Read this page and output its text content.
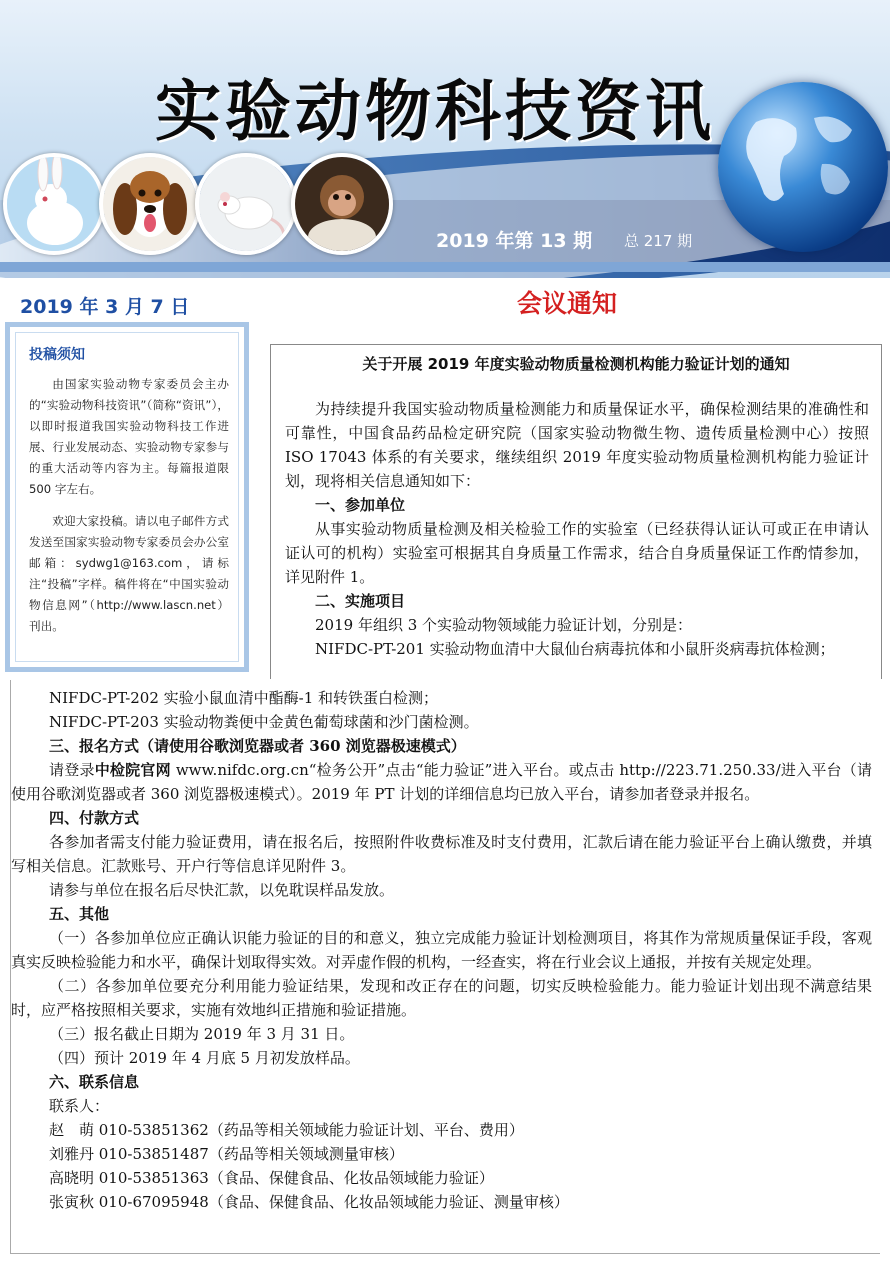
实验动物科技资讯
2019 年第 13 期 总 217 期
2019 年 3 月 7 日	会议通知
投稿须知

由国家实验动物专家委员会主办的“实验动物科技资讯”（简称“资讯”），以即时报道我国实验动物科技工作进展、行业发展动态、实验动物专家参与的重大活动等内容为主。每篇报道限 500 字左右。

欢迎大家投稿。请以电子邮件方式发送至国家实验动物专家委员会办公室邮箱：sydwg1@163.com，请标注“投稿”字样。稿件将在“中国实验动物信息网”（http://www.lascn.net）刊出。

关于开展 2019 年度实验动物质量检测机构能力验证计划的通知

为持续提升我国实验动物质量检测能力和质量保证水平，确保检测结果的准确性和可靠性，中国食品药品检定研究院（国家实验动物微生物、遗传质量检测中心）按照 ISO 17043 体系的有关要求，继续组织 2019 年度实验动物质量检测机构能力验证计划，现将相关信息通知如下：

一、参加单位

从事实验动物质量检测及相关检验工作的实验室（已经获得认证认可或正在申请认证认可的机构）实验室可根据其自身质量工作需求，结合自身质量保证工作酌情参加，详见附件 1。

二、实施项目

2019 年组织 3 个实验动物领域能力验证计划，分别是：

NIFDC-PT-201 实验动物血清中大鼠仙台病毒抗体和小鼠肝炎病毒抗体检测；

NIFDC-PT-202 实验小鼠血清中酯酶-1 和转铁蛋白检测；

NIFDC-PT-203 实验动物粪便中金黄色葡萄球菌和沙门菌检测。

三、报名方式（请使用谷歌浏览器或者 360 浏览器极速模式）

请登录中检院官网 www.nifdc.org.cn“检务公开”点击“能力验证”进入平台。或点击 http://223.71.250.33/进入平台（请使用谷歌浏览器或者 360 浏览器极速模式）。2019 年 PT 计划的详细信息均已放入平台，请参加者登录并报名。

四、付款方式

各参加者需支付能力验证费用，请在报名后，按照附件收费标准及时支付费用，汇款后请在能力验证平台上确认缴费，并填写相关信息。汇款账号、开户行等信息详见附件 3。

请参与单位在报名后尽快汇款，以免耽误样品发放。

五、其他

（一）各参加单位应正确认识能力验证的目的和意义，独立完成能力验证计划检测项目，将其作为常规质量保证手段，客观真实反映检验能力和水平，确保计划取得实效。对弄虚作假的机构，一经查实，将在行业会议上通报，并按有关规定处理。

（二）各参加单位要充分利用能力验证结果，发现和改正存在的问题，切实反映检验能力。能力验证计划出现不满意结果时，应严格按照相关要求，实施有效地纠正措施和验证措施。

（三）报名截止日期为 2019 年 3 月 31 日。

（四）预计 2019 年 4 月底 5 月初发放样品。

六、联系信息

联系人：

赵　萌 010-53851362（药品等相关领域能力验证计划、平台、费用）

刘雅丹 010-53851487（药品等相关领域测量审核）

高晓明 010-53851363（食品、保健食品、化妆品领域能力验证）

张寅秋 010-67095948（食品、保健食品、化妆品领域能力验证、测量审核）
